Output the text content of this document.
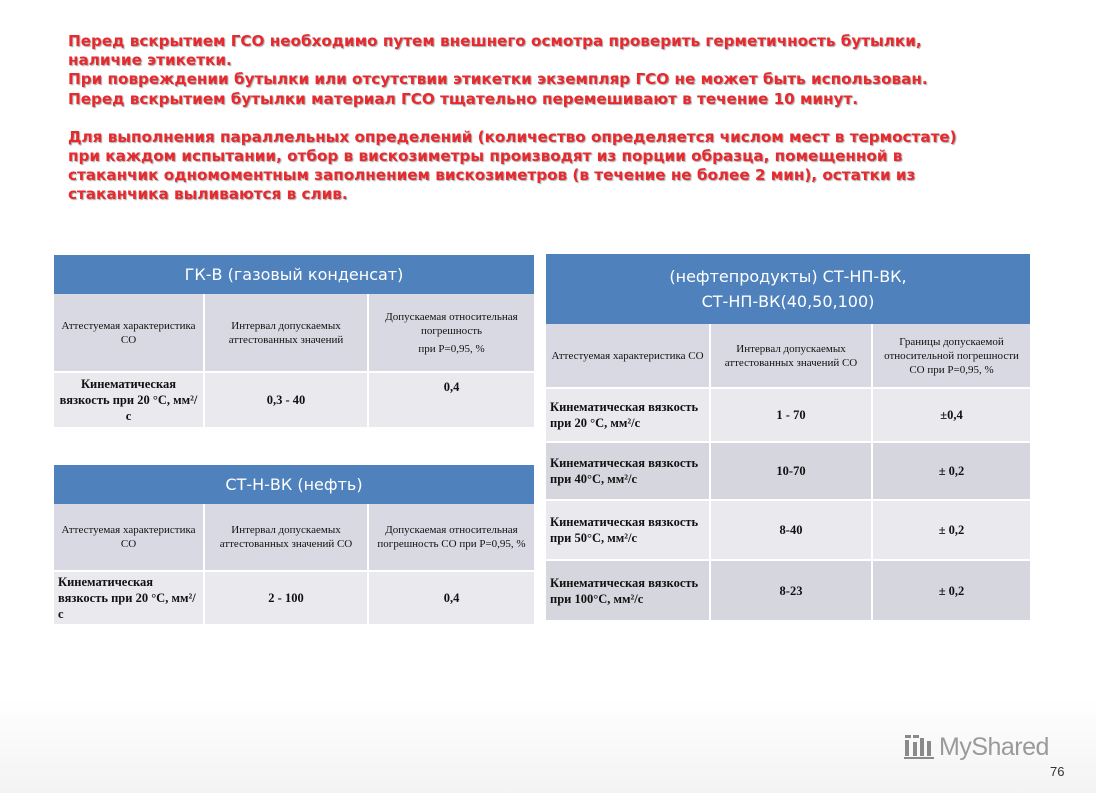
Перед вскрытием ГСО необходимо путем внешнего осмотра проверить герметичность бутылки,

наличие этикетки.

При повреждении бутылки или отсутствии этикетки экземпляр ГСО не может быть использован.

Перед вскрытием бутылки материал ГСО тщательно перемешивают в течение 10 минут.

Для выполнения параллельных определений (количество определяется числом мест в термостате)

при каждом испытании, отбор в вискозиметры производят из порции образца, помещенной в

стаканчик одномоментным заполнением вискозиметров (в течение не более 2 мин), остатки из

стаканчика выливаются в слив.

ГК-В (газовый конденсат)		
Аттестуемая характеристика СО	Интервал допускаемых аттестованных значений	Допускаемая относительная погрешность
при Р=0,95, %

Кинематическая вязкость при 20 °С, мм²/с	0,3 - 40	0,4
СТ-Н-ВК (нефть)		
Аттестуемая характеристика СО	Интервал допускаемых аттестованных значений СО	Допускаемая относительная погрешность СО при Р=0,95, %
Кинематическая вязкость при 20 °С, мм²/с	2 - 100	0,4
(нефтепродукты) СТ-НП-ВК,
СТ-НП-ВК(40,50,100)		

Аттестуемая характеристика СО	Интервал допускаемых аттестованных значений СО	Границы допускаемой относительной погрешности СО при Р=0,95, %
Кинематическая вязкость при 20 °С, мм²/с	1 - 70	±0,4
Кинематическая вязкость при 40°С, мм²/с	10-70	± 0,2
Кинематическая вязкость при 50°С, мм²/с	8-40	± 0,2
Кинематическая вязкость при 100°С, мм²/с	8-23	± 0,2
MyShared
76
